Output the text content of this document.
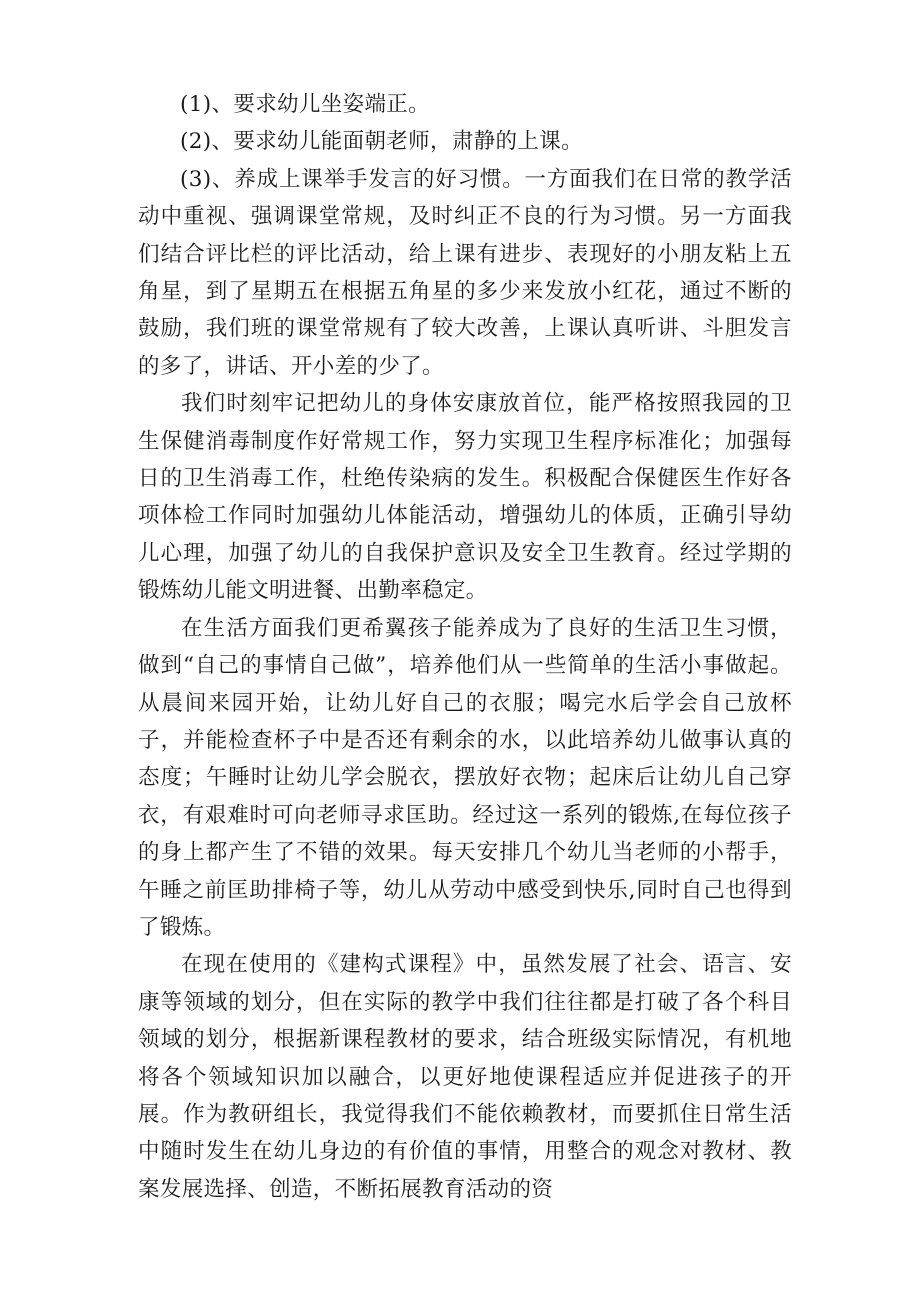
(1)、要求幼儿坐姿端正。

(2)、要求幼儿能面朝老师，肃静的上课。

(3)、养成上课举手发言的好习惯。一方面我们在日常的教学活动中重视、强调课堂常规，及时纠正不良的行为习惯。另一方面我们结合评比栏的评比活动，给上课有进步、表现好的小朋友粘上五角星，到了星期五在根据五角星的多少来发放小红花，通过不断的鼓励，我们班的课堂常规有了较大改善，上课认真听讲、斗胆发言的多了，讲话、开小差的少了。

我们时刻牢记把幼儿的身体安康放首位，能严格按照我园的卫生保健消毒制度作好常规工作，努力实现卫生程序标准化；加强每日的卫生消毒工作，杜绝传染病的发生。积极配合保健医生作好各项体检工作同时加强幼儿体能活动，增强幼儿的体质，正确引导幼儿心理，加强了幼儿的自我保护意识及安全卫生教育。经过学期的锻炼幼儿能文明进餐、出勤率稳定。

在生活方面我们更希翼孩子能养成为了良好的生活卫生习惯，做到“自己的事情自己做”，培养他们从一些简单的生活小事做起。从晨间来园开始，让幼儿好自己的衣服；喝完水后学会自己放杯子，并能检查杯子中是否还有剩余的水，以此培养幼儿做事认真的态度；午睡时让幼儿学会脱衣，摆放好衣物；起床后让幼儿自己穿衣，有艰难时可向老师寻求匡助。经过这一系列的锻炼,在每位孩子的身上都产生了不错的效果。每天安排几个幼儿当老师的小帮手，午睡之前匡助排椅子等，幼儿从劳动中感受到快乐,同时自己也得到了锻炼。

在现在使用的《建构式课程》中，虽然发展了社会、语言、安康等领域的划分，但在实际的教学中我们往往都是打破了各个科目领域的划分，根据新课程教材的要求，结合班级实际情况，有机地将各个领域知识加以融合，以更好地使课程适应并促进孩子的开展。作为教研组长，我觉得我们不能依赖教材，而要抓住日常生活中随时发生在幼儿身边的有价值的事情，用整合的观念对教材、教案发展选择、创造，不断拓展教育活动的资
